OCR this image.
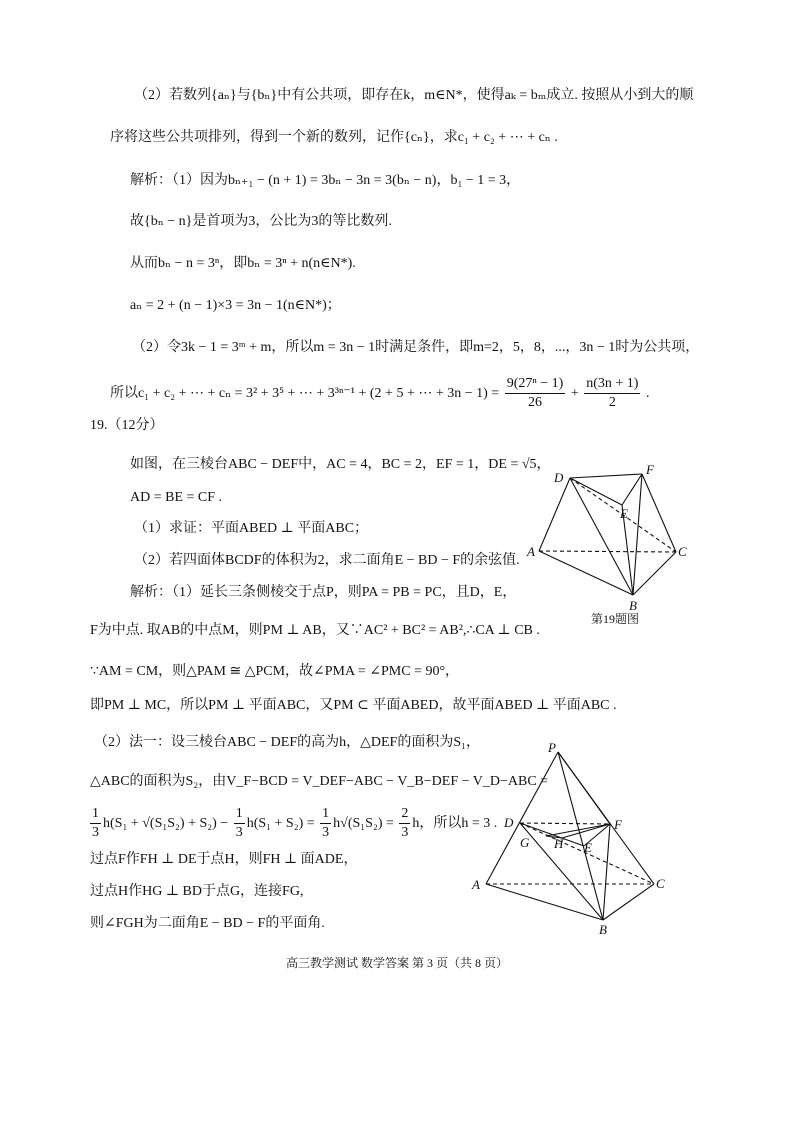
（2）若数列{aₙ}与{bₙ}中有公共项，即存在k，m∈N*，使得aₖ = bₘ成立. 按照从小到大的顺
序将这些公共项排列，得到一个新的数列，记作{cₙ}，求c₁ + c₂ + ⋯ + cₙ .
解析：（1）因为bₙ₊₁ − (n + 1) = 3bₙ − 3n = 3(bₙ − n)，b₁ − 1 = 3，
故{bₙ − n}是首项为3，公比为3的等比数列.
从而bₙ − n = 3ⁿ，即bₙ = 3ⁿ + n(n∈N*).
aₙ = 2 + (n − 1)×3 = 3n − 1(n∈N*)；
（2）令3k − 1 = 3ᵐ + m，所以m = 3n − 1时满足条件，即m=2，5，8，...，3n − 1时为公共项，
所以c₁ + c₂ + ⋯ + cₙ = 3² + 3⁵ + ⋯ + 3³ⁿ⁻¹ + (2 + 5 + ⋯ + $3n - 1) = \frac{\text{9(27ⁿ − 1)}}{26} + \frac{n(3n + 1)}{2}$ .
19.（12分）
如图，在三棱台ABC − DEF中，AC = 4，BC = 2，EF = 1，DE = √5，
AD = BE = CF .
（1）求证：平面ABED ⊥ 平面ABC；
（2）若四面体BCDF的体积为2，求二面角E − BD − F的余弦值.
解析：（1）延长三条侧棱交于点P，则PA = PB = PC，且D，E，
D
F
E
A	C
B
第19题图
F为中点. 取AB的中点M，则PM ⊥ AB，又∵AC² + BC² = AB²,∴CA ⊥ CB .
∵AM = CM，则△PAM ≅ △PCM，故∠PMA = ∠PMC = 90°，
即PM ⊥ MC，所以PM ⊥ 平面ABC，又PM ⊂ 平面ABED，故平面ABED ⊥ 平面ABC .
（2）法一：设三棱台ABC − DEF的高为h，△DEF的面积为S₁，
△ABC的面积为S₂，由V_F−BCD = V_DEF−ABC − V_B−DEF − V_D−ABC =
$\frac{1}{3} h(S_1 + √(S_1S_2) + S_2) - \frac{1}{3} h(S_1 + S_2) = \frac{1}{3} h√(S_1S_2) = \frac{2}{3}$ h，所以h = 3 .
过点F作FH ⊥ DE于点H，则FH ⊥ 面ADE，
过点H作HG ⊥ BD于点G，连接FG,
则∠FGH为二面角E − BD − F的平面角.
P
D	F
G H E
A	C
B
高三教学测试 数学答案 第 3 页（共 8 页）
